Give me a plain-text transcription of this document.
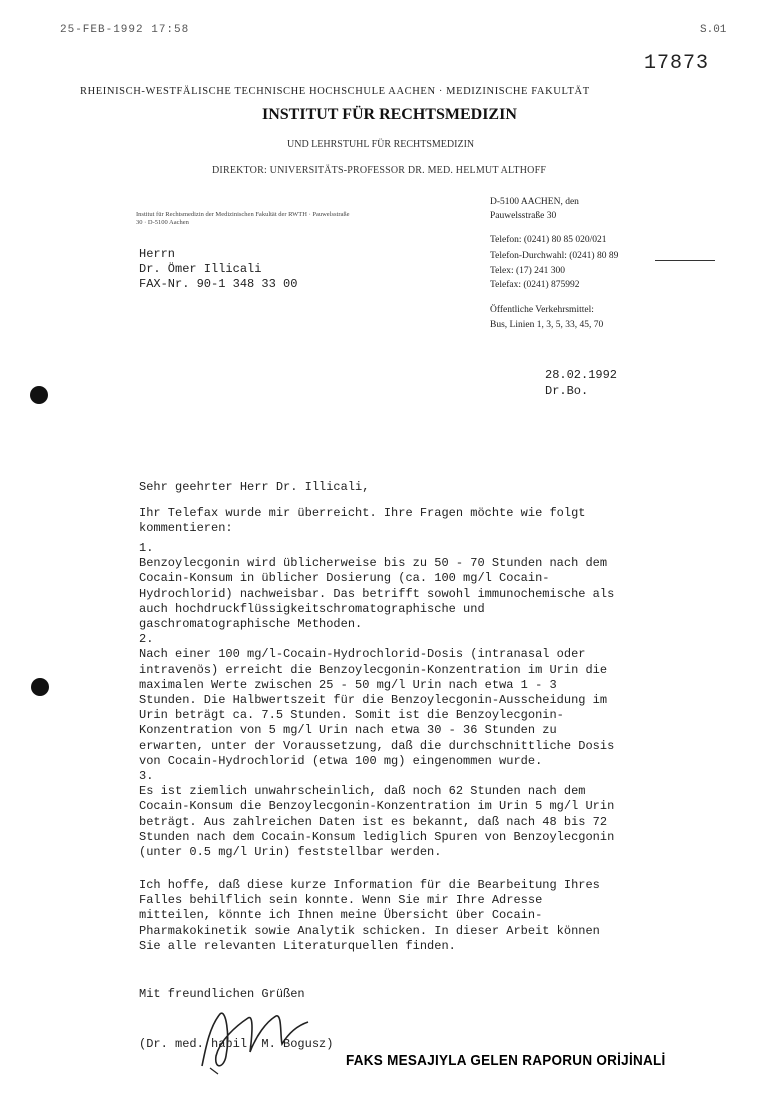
25-FEB-1992 17:58	S.01
17873
RHEINISCH-WESTFÄLISCHE TECHNISCHE HOCHSCHULE AACHEN · MEDIZINISCHE FAKULTÄT
INSTITUT FÜR RECHTSMEDIZIN
UND LEHRSTUHL FÜR RECHTSMEDIZIN
DIREKTOR: UNIVERSITÄTS-PROFESSOR DR. MED. HELMUT ALTHOFF
Institut für Rechtsmedizin der Medizinischen Fakultät der RWTH · Pauwelsstraße 30 · D-5100 Aachen
D-5100 AACHEN, den
Pauwelsstraße 30
Telefon: (0241) 80 85 020/021
Telefon-Durchwahl: (0241) 80 89
Telex: (17) 241 300
Telefax: (0241) 875992
Öffentliche Verkehrsmittel:
Bus, Linien 1, 3, 5, 33, 45, 70
Herrn
Dr. Ömer Illicali
FAX-Nr. 90-1 348 33 00
28.02.1992
Dr.Bo.
Sehr geehrter Herr Dr. Illicali,
Ihr Telefax wurde mir überreicht. Ihre Fragen möchte wie folgt
kommentieren:
1.
Benzoylecgonin wird üblicherweise bis zu 50 - 70 Stunden nach dem
Cocain-Konsum in üblicher Dosierung (ca. 100 mg/l Cocain-
Hydrochlorid) nachweisbar. Das betrifft sowohl immunochemische als
auch hochdruckflüssigkeitschromatographische und
gaschromatographische Methoden.
2.
Nach einer 100 mg/l-Cocain-Hydrochlorid-Dosis (intranasal oder
intravenös) erreicht die Benzoylecgonin-Konzentration im Urin die
maximalen Werte zwischen 25 - 50 mg/l Urin nach etwa 1 - 3
Stunden. Die Halbwertszeit für die Benzoylecgonin-Ausscheidung im
Urin beträgt ca. 7.5 Stunden. Somit ist die Benzoylecgonin-
Konzentration von 5 mg/l Urin nach etwa 30 - 36 Stunden zu
erwarten, unter der Voraussetzung, daß die durchschnittliche Dosis
von Cocain-Hydrochlorid (etwa 100 mg) eingenommen wurde.
3.
Es ist ziemlich unwahrscheinlich, daß noch 62 Stunden nach dem
Cocain-Konsum die Benzoylecgonin-Konzentration im Urin 5 mg/l Urin
beträgt. Aus zahlreichen Daten ist es bekannt, daß nach 48 bis 72
Stunden nach dem Cocain-Konsum lediglich Spuren von Benzoylecgonin
(unter 0.5 mg/l Urin) feststellbar werden.
Ich hoffe, daß diese kurze Information für die Bearbeitung Ihres
Falles behilflich sein konnte. Wenn Sie mir Ihre Adresse
mitteilen, könnte ich Ihnen meine Übersicht über Cocain-
Pharmakokinetik sowie Analytik schicken. In dieser Arbeit können
Sie alle relevanten Literaturquellen finden.
Mit freundlichen Grüßen
(Dr. med. habil. M. Bogusz)
FAKS MESAJIYLA GELEN RAPORUN ORİJİNALİ
